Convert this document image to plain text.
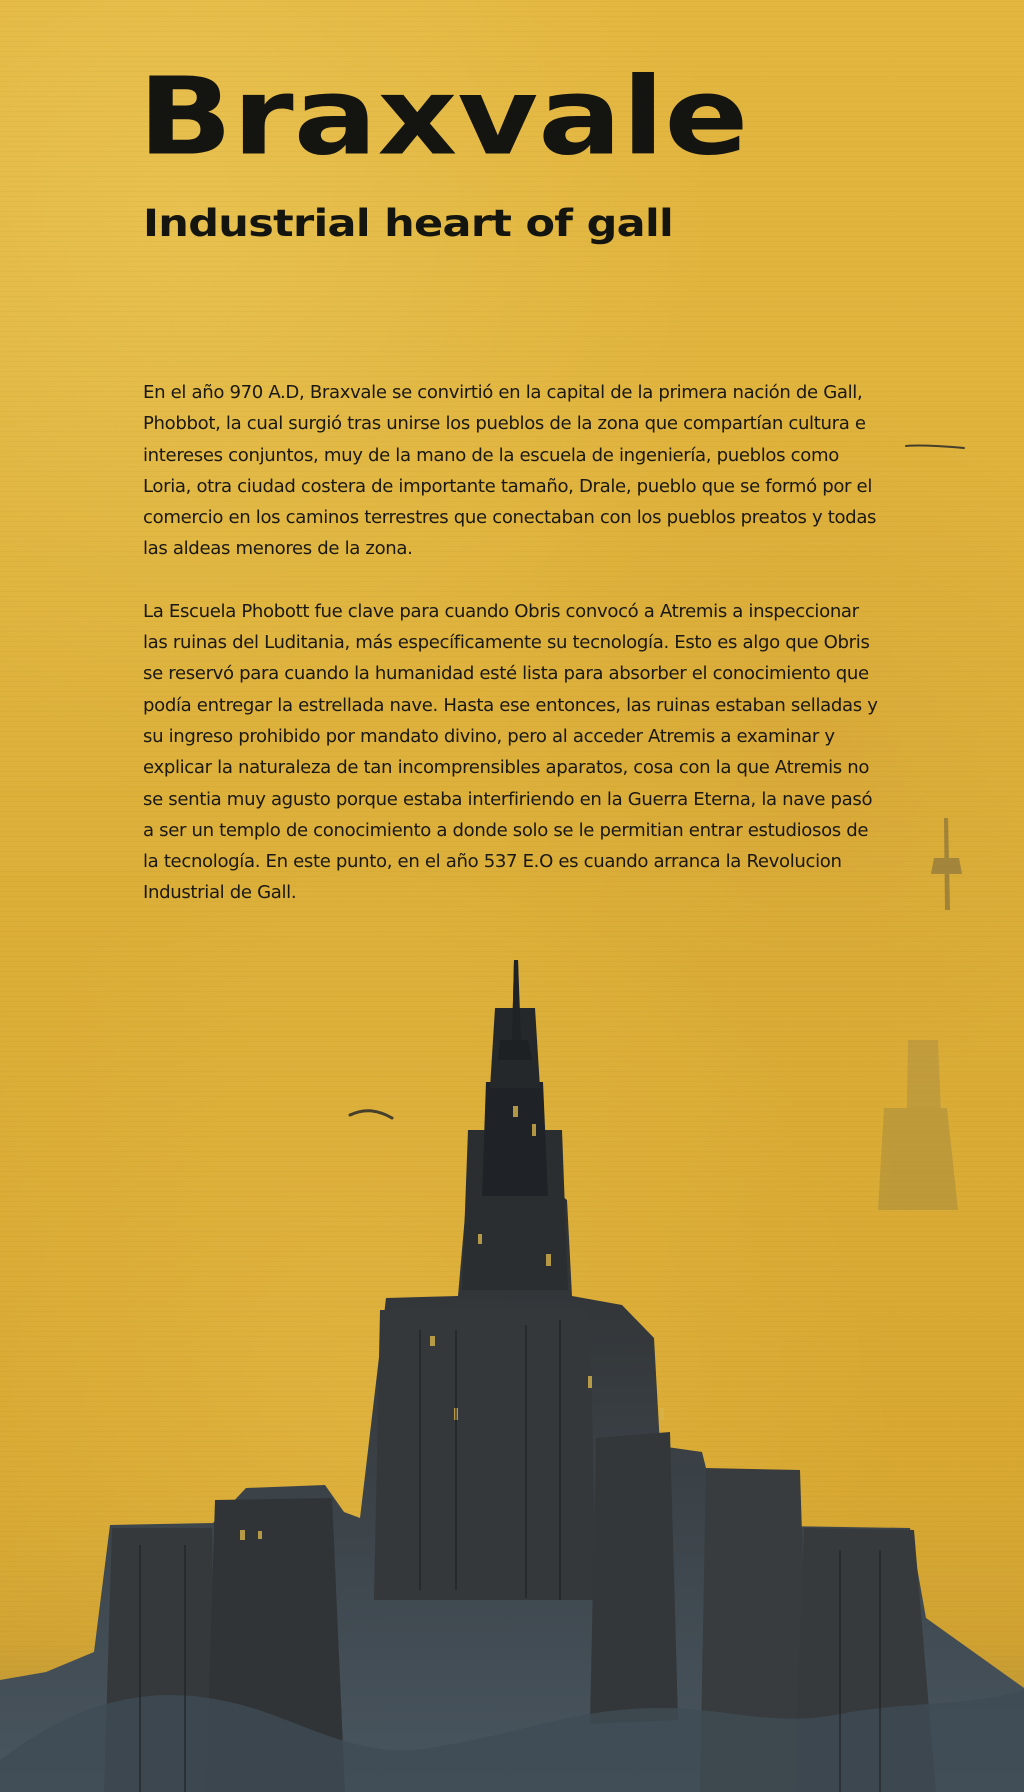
Braxvale
Industrial heart of gall

En el año 970 A.D, Braxvale se convirtió en la capital de la primera nación de Gall, Phobbot, la cual surgió tras unirse los pueblos de la zona que compartían cultura e intereses conjuntos, muy de la mano de la escuela de ingeniería, pueblos como Loria, otra ciudad costera de importante tamaño, Drale, pueblo que se formó por el comercio en los caminos terrestres que conectaban con los pueblos preatos y todas las aldeas menores de la zona.

La Escuela Phobott fue clave para cuando Obris convocó a Atremis a inspeccionar las ruinas del Luditania, más específicamente su tecnología. Esto es algo que Obris se reservó para cuando la humanidad esté lista para absorber el conocimiento que podía entregar la estrellada nave. Hasta ese entonces, las ruinas estaban selladas y su ingreso prohibido por mandato divino, pero al acceder Atremis a examinar y explicar la naturaleza de tan incomprensibles aparatos, cosa con la que Atremis no se sentia muy agusto porque estaba interfiriendo en la Guerra Eterna, la nave pasó a ser un templo de conocimiento a donde solo se le permitian entrar estudiosos de la tecnología. En este punto, en el año 537 E.O es cuando arranca la Revolucion Industrial de Gall.
